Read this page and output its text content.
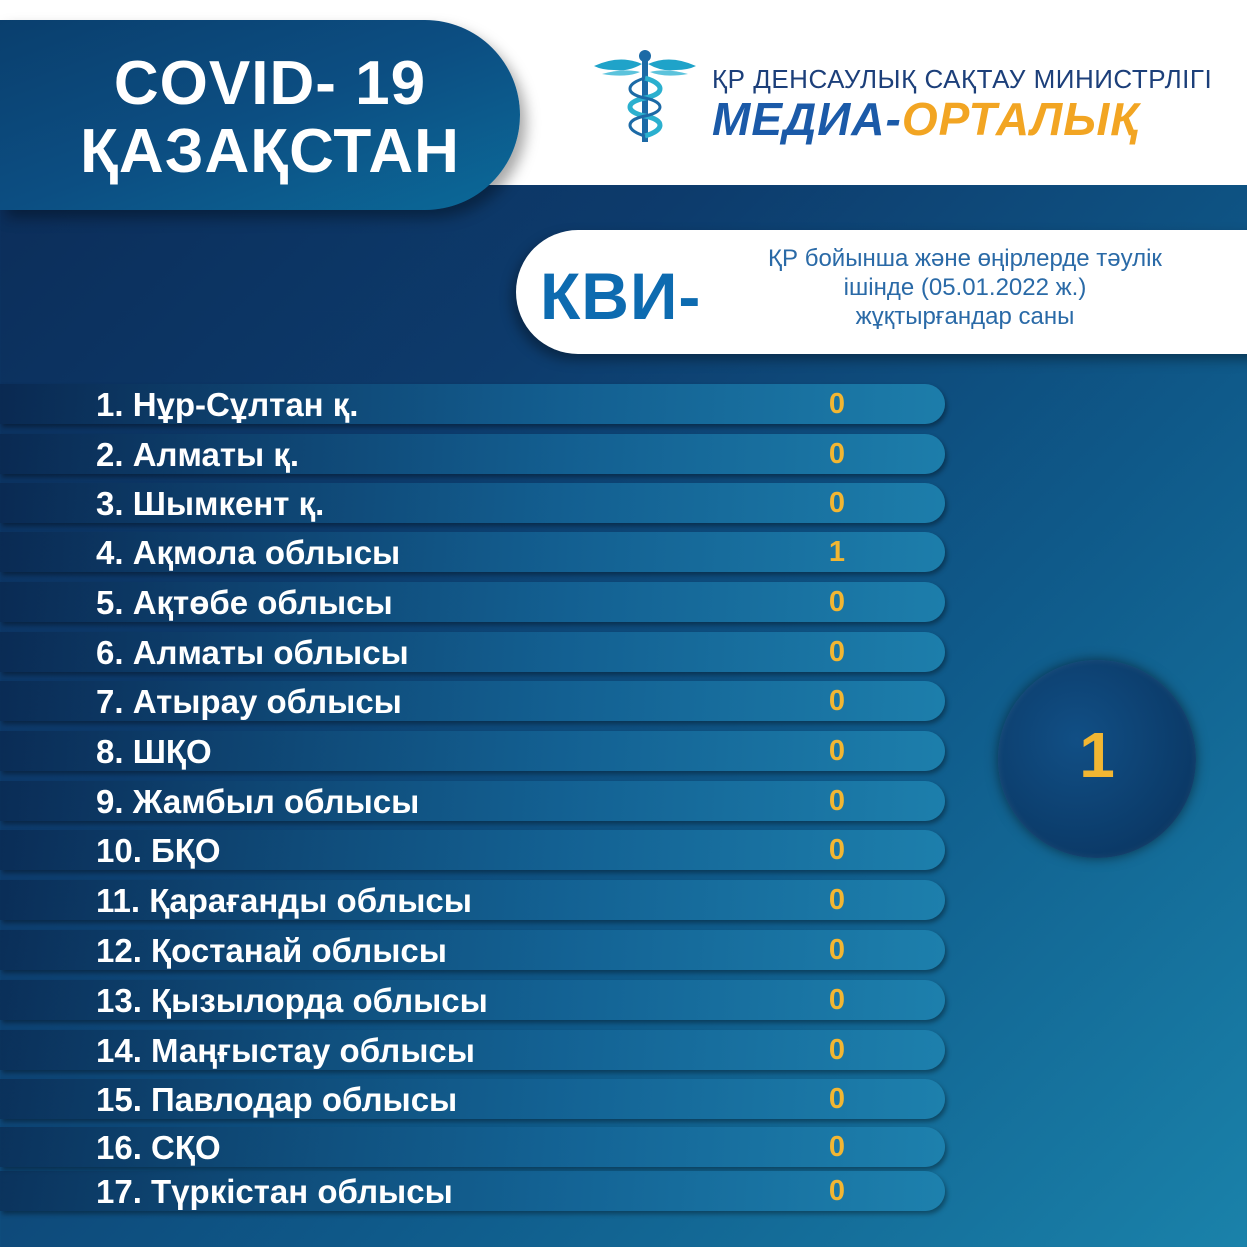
COVID- 19
ҚАЗАҚСТАН
ҚР ДЕНСАУЛЫҚ САҚТАУ МИНИСТРЛІГІ
МЕДИА-ОРТАЛЫҚ
КВИ-
ҚР бойынша және өңірлерде тәулік
ішінде (05.01.2022 ж.)
жұқтырғандар саны
1. Нұр-Сұлтан қ.	0
2. Алматы қ.	0
3. Шымкент қ.	0
4. Ақмола облысы	1
5. Ақтөбе облысы	0
6. Алматы облысы	0
7. Атырау облысы	0
8. ШҚО	0
9. Жамбыл облысы	0
10. БҚО	0
11. Қарағанды облысы	0
12. Қостанай облысы	0
13. Қызылорда облысы	0
14. Маңғыстау облысы	0
15. Павлодар облысы	0
16. СҚО	0
17. Түркістан облысы	0
1
